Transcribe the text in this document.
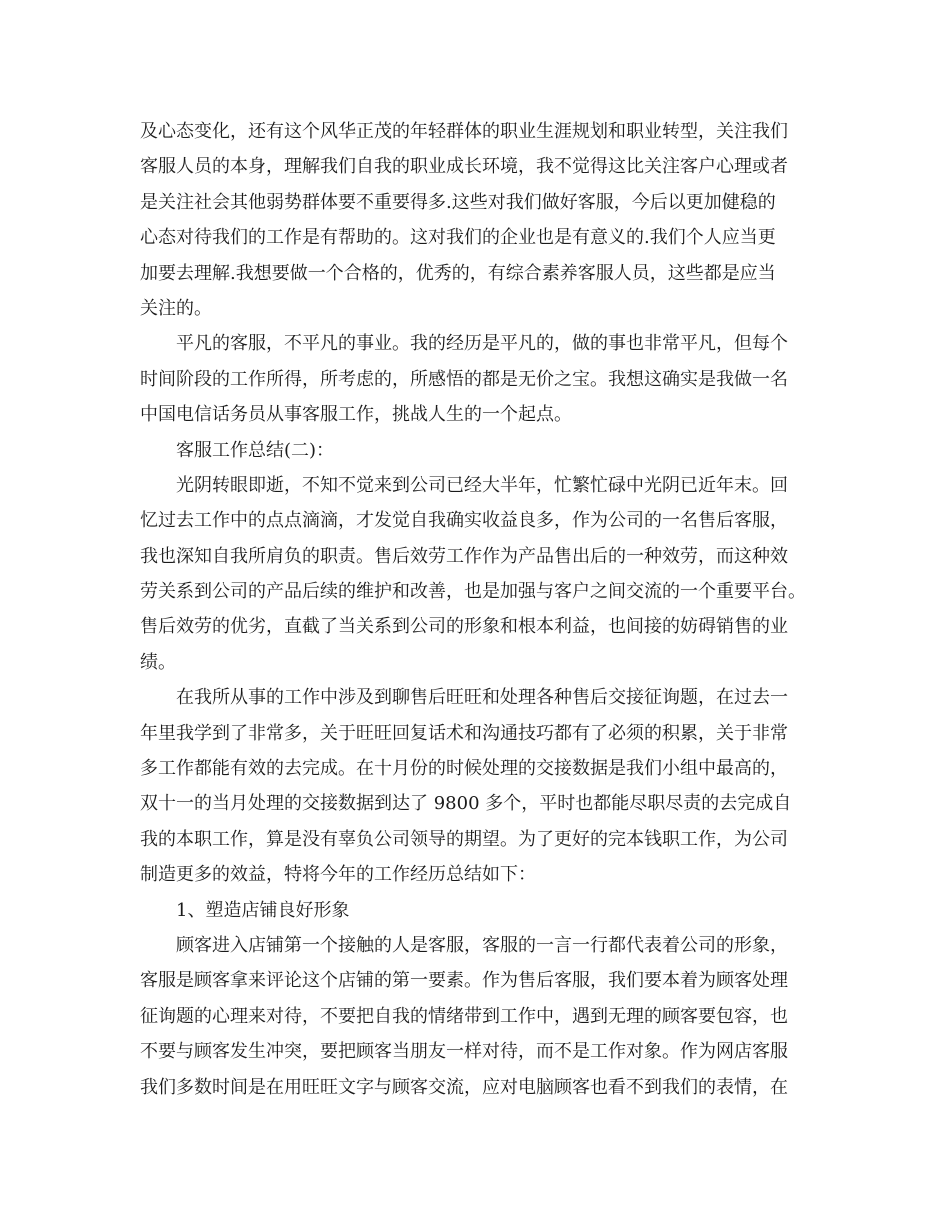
及心态变化，还有这个风华正茂的年轻群体的职业生涯规划和职业转型，关注我们
客服人员的本身，理解我们自我的职业成长环境，我不觉得这比关注客户心理或者
是关注社会其他弱势群体要不重要得多.这些对我们做好客服，今后以更加健稳的
心态对待我们的工作是有帮助的。这对我们的企业也是有意义的.我们个人应当更
加要去理解.我想要做一个合格的，优秀的，有综合素养客服人员，这些都是应当
关注的。
平凡的客服，不平凡的事业。我的经历是平凡的，做的事也非常平凡，但每个
时间阶段的工作所得，所考虑的，所感悟的都是无价之宝。我想这确实是我做一名
中国电信话务员从事客服工作，挑战人生的一个起点。
客服工作总结(二)：
光阴转眼即逝，不知不觉来到公司已经大半年，忙繁忙碌中光阴已近年末。回
忆过去工作中的点点滴滴，才发觉自我确实收益良多，作为公司的一名售后客服，
我也深知自我所肩负的职责。售后效劳工作作为产品售出后的一种效劳，而这种效
劳关系到公司的产品后续的维护和改善，也是加强与客户之间交流的一个重要平台。
售后效劳的优劣，直截了当关系到公司的形象和根本利益，也间接的妨碍销售的业
绩。
在我所从事的工作中涉及到聊售后旺旺和处理各种售后交接征询题，在过去一
年里我学到了非常多，关于旺旺回复话术和沟通技巧都有了必须的积累，关于非常
多工作都能有效的去完成。在十月份的时候处理的交接数据是我们小组中最高的，
双十一的当月处理的交接数据到达了 9800 多个，平时也都能尽职尽责的去完成自
我的本职工作，算是没有辜负公司领导的期望。为了更好的完本钱职工作，为公司
制造更多的效益，特将今年的工作经历总结如下：
1、塑造店铺良好形象
顾客进入店铺第一个接触的人是客服，客服的一言一行都代表着公司的形象，
客服是顾客拿来评论这个店铺的第一要素。作为售后客服，我们要本着为顾客处理
征询题的心理来对待，不要把自我的情绪带到工作中，遇到无理的顾客要包容，也
不要与顾客发生冲突，要把顾客当朋友一样对待，而不是工作对象。作为网店客服
我们多数时间是在用旺旺文字与顾客交流，应对电脑顾客也看不到我们的表情，在
